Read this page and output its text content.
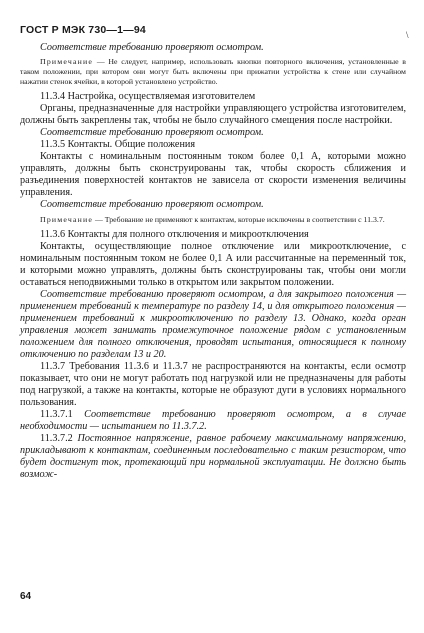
ГОСТ Р МЭК 730—1—94	\

Соответствие требованию проверяют осмотром.

Примечание — Не следует, например, использовать кнопки повторного включения, установленные в таком положении, при котором они могут быть включены при прижатии устройства к стене или случайном нажатии стенок ячейки, в которой установлено устройство.

11.3.4 Настройка, осуществляемая изготовителем

Органы, предназначенные для настройки управляющего устройства изготовителем, должны быть закреплены так, чтобы не было случайного смещения после настройки.

Соответствие требованию проверяют осмотром.

11.3.5 Контакты. Общие положения

Контакты с номинальным постоянным током более 0,1 А, которыми можно управлять, должны быть сконструированы так, чтобы скорость сближения и разъединения поверхностей контактов не зависела от скорости изменения величины управления.

Соответствие требованию проверяют осмотром.

Примечание — Требование не применяют к контактам, которые исключены в соответствии с 11.3.7.

11.3.6 Контакты для полного отключения и микроотключения

Контакты, осуществляющие полное отключение или микроотключение, с номинальным постоянным током не более 0,1 А или рассчитанные на переменный ток, и которыми можно управлять, должны быть сконструированы так, чтобы они могли оставаться неподвижными только в открытом или закрытом положении.

Соответствие требованию проверяют осмотром, а для закрытого положения — применением требований к температуре по разделу 14, и для открытого положения — применением требований к микроотключению по разделу 13. Однако, когда орган управления может занимать промежуточное положение рядом с установленным положением для полного отключения, проводят испытания, относящиеся к полному отключению по разделам 13 и 20.

11.3.7 Требования 11.3.6 и 11.3.7 не распространяются на контакты, если осмотр показывает, что они не могут работать под нагрузкой или не предназначены для работы под нагрузкой, а также на контакты, которые не образуют дуги в условиях нормального пользования.

11.3.7.1 Соответствие требованию проверяют осмотром, а в случае необходимости — испытанием по 11.3.7.2.

11.3.7.2 Постоянное напряжение, равное рабочему максимальному напряжению, прикладывают к контактам, соединенным последовательно с таким резистором, что будет достигнут ток, протекающий при нормальной эксплуатации. Не должно быть возмож-

64
